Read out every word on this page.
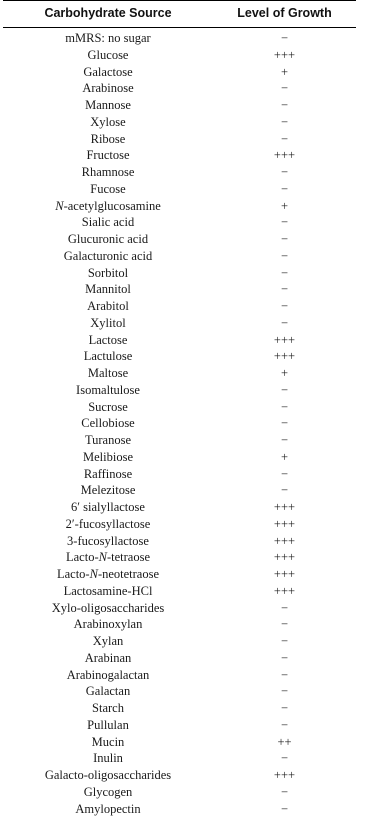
Carbohydrate Source	Level of Growth
mMRS: no sugar	−
Glucose	+++
Galactose	+
Arabinose	−
Mannose	−
Xylose	−
Ribose	−
Fructose	+++
Rhamnose	−
Fucose	−
N-acetylglucosamine	+
Sialic acid	−
Glucuronic acid	−
Galacturonic acid	−
Sorbitol	−
Mannitol	−
Arabitol	−
Xylitol	−
Lactose	+++
Lactulose	+++
Maltose	+
Isomaltulose	−
Sucrose	−
Cellobiose	−
Turanose	−
Melibiose	+
Raffinose	−
Melezitose	−
6′ sialyllactose	+++
2′-fucosyllactose	+++
3-fucosyllactose	+++
Lacto-N-tetraose	+++
Lacto-N-neotetraose	+++
Lactosamine-HCl	+++
Xylo-oligosaccharides	−
Arabinoxylan	−
Xylan	−
Arabinan	−
Arabinogalactan	−
Galactan	−
Starch	−
Pullulan	−
Mucin	++
Inulin	−
Galacto-oligosaccharides	+++
Glycogen	−
Amylopectin	−
